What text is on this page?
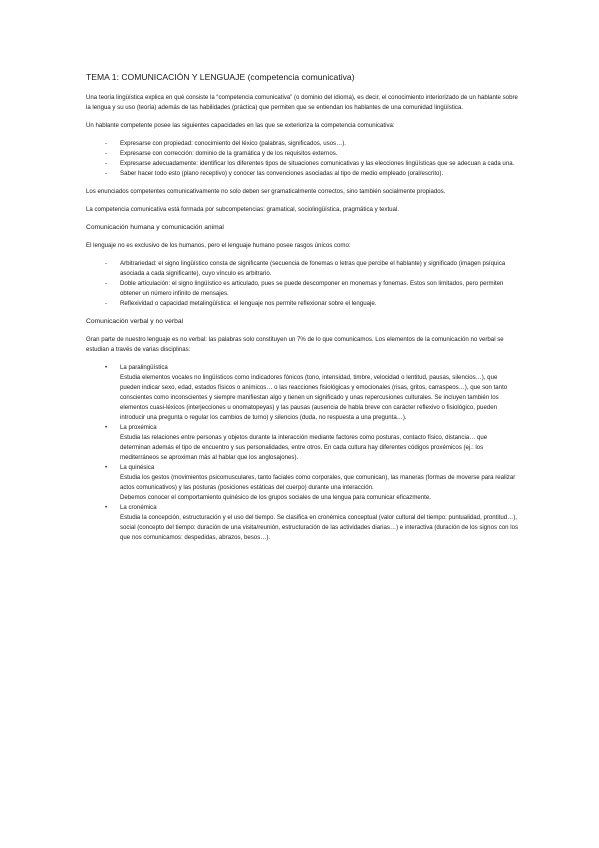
TEMA 1: COMUNICACIÓN Y LENGUAJE (competencia comunicativa)

Una teoría lingüística explica en qué consiste la “competencia comunicativa” (o dominio del idioma), es decir, el conocimiento interiorizado de un hablante sobre la lengua y su uso (teoría) además de las habilidades (práctica) que permiten que se entiendan los hablantes de una comunidad lingüística.

Un hablante competente posee las siguientes capacidades en las que se exterioriza la competencia comunicativa:

- Expresarse con propiedad: conocimiento del léxico (palabras, significados, usos…).
- Expresarse con corrección: dominio de la gramática y de los requisitos externos.
- Expresarse adecuadamente: identificar los diferentes tipos de situaciones comunicativas y las elecciones lingüísticas que se adecuan a cada una.
- Saber hacer todo esto (plano receptivo) y conocer las convenciones asociadas al tipo de medio empleado (oral/escrito).

Los enunciados competentes comunicativamente no solo deben ser gramaticalmente correctos, sino también socialmente propiados.

La competencia comunicativa está formada por subcompetencias: gramatical, sociolingüística, pragmática y textual.

Comunicación humana y comunicación animal

El lenguaje no es exclusivo de los humanos, pero el lenguaje humano posee rasgos únicos como:

- Arbitrariedad: el signo lingüístico consta de significante (secuencia de fonemas o letras que percibe el hablante) y significado (imagen psíquica asociada a cada significante), cuyo vínculo es arbitrario.
- Doble articulación: el signo lingüístico es articulado, pues se puede descomponer en monemas y fonemas. Estos son limitados, pero permiten obtener un número infinito de mensajes.
- Reflexividad o capacidad metalingüística: el lenguaje nos permite reflexionar sobre el lenguaje.
Comunicación verbal y no verbal

Gran parte de nuestro lenguaje es no verbal: las palabras solo constituyen un 7% de lo que comunicamos. Los elementos de la comunicación no verbal se estudian a través de varias disciplinas:

• La paralingüística
Estudia elementos vocales no lingüísticos como indicadores fónicos (tono, intensidad, timbre, velocidad o lentitud, pausas, silencios…), que pueden indicar sexo, edad, estados físicos o anímicos… o las reacciones fisiológicas y emocionales (risas, gritos, carraspeos…), que son tanto conscientes como inconscientes y siempre manifiestan algo y tienen un significado y unas repercusiones culturales. Se incluyen también los elementos cuasi-léxicos (interjecciones u onomatopeyas) y las pausas (ausencia de habla breve con carácter reflexivo o fisiológico, pueden introducir una pregunta o regular los cambios de turno) y silencios (duda, no respuesta a una pregunta…).
• La proxémica
Estudia las relaciones entre personas y objetos durante la interacción mediante factores como posturas, contacto físico, distancia… que determinan además el tipo de encuentro y sus personalidades, entre otros. En cada cultura hay diferentes códigos proxémicos (ej.: los mediterráneos se aproximan más al hablar que los anglosajones).
• La quinésica
Estudia los gestos (movimientos psicomusculares, tanto faciales como corporales, que comunican), las maneras (formas de moverse para realizar actos comunicativos) y las posturas (posiciones estáticas del cuerpo) durante una interacción.
Debemos conocer el comportamiento quinésico de los grupos sociales de una lengua para comunicar eficazmente.
• La cronémica
Estudia la concepción, estructuración y el uso del tiempo. Se clasifica en cronémica conceptual (valor cultural del tiempo: puntualidad, prontitud…), social (concepto del tiempo: duración de una visita/reunión, estructuración de las actividades diarias…) e interactiva (duración de los signos con los que nos comunicamos: despedidas, abrazos, besos…).
